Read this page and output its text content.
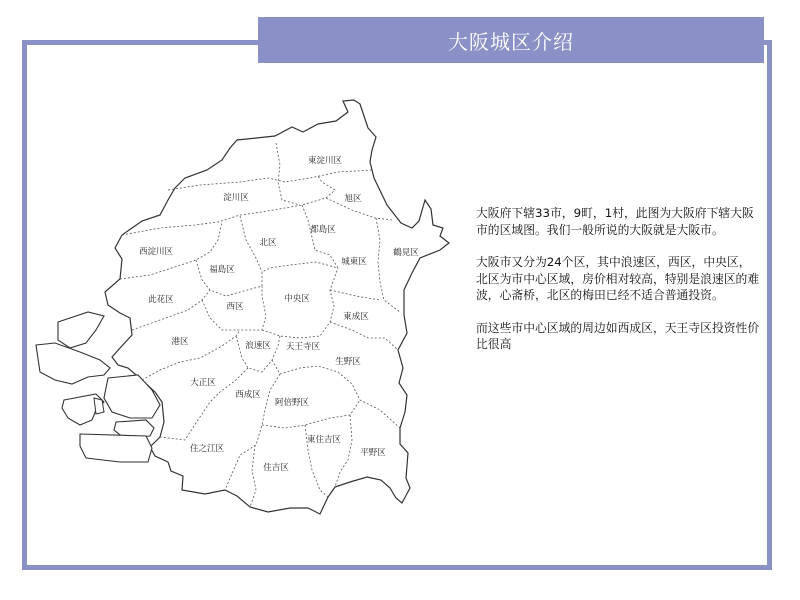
大阪城区介绍
東淀川区
淀川区	旭区
都島区
西淀川区
北区
鶴見区
福島区
城東区
此花区	中央区
西区
東成区
港区	浪速区 天王寺区
生野区
大正区
西成区
阿倍野区
東住吉区
住之江区	平野区
住吉区

大阪府下辖33市，9町，1村，此图为大阪府下辖大阪市的区域图。我们一般所说的大阪就是大阪市。

大阪市又分为24个区，其中浪速区，西区，中央区，北区为市中心区域，房价相对较高，特别是浪速区的难波，心斋桥，北区的梅田已经不适合普通投资。

而这些市中心区域的周边如西成区，天王寺区投资性价比很高
